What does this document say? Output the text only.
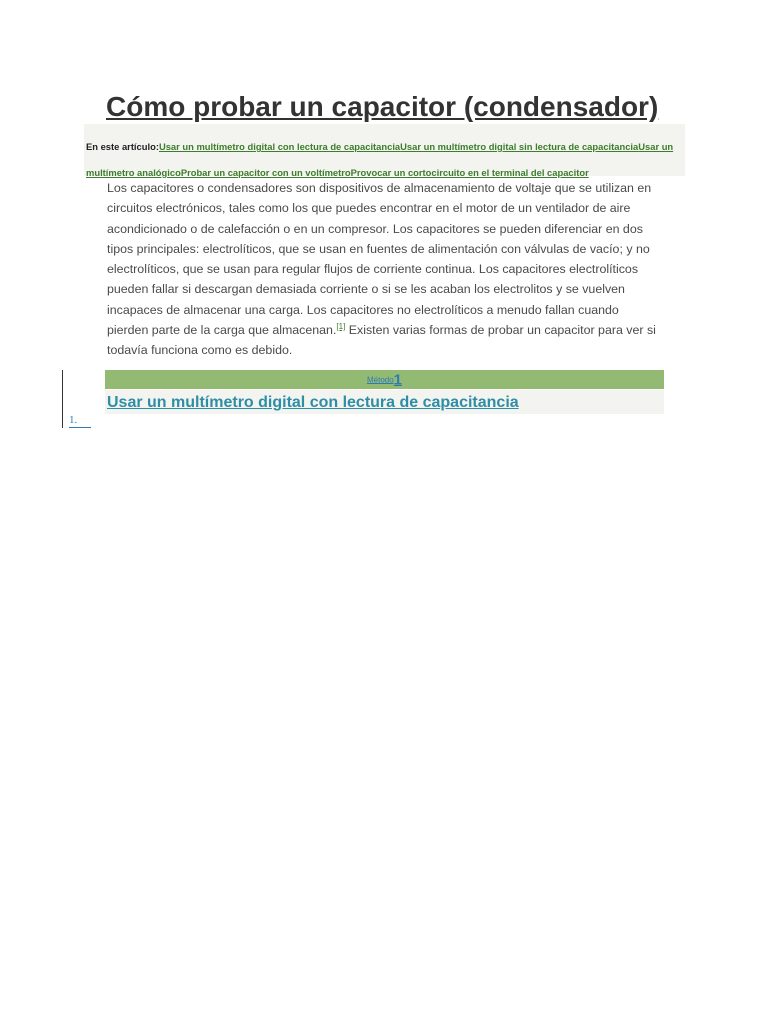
Cómo probar un capacitor (condensador)

En este artículo:Usar un multímetro digital con lectura de capacitanciaUsar un multímetro digital sin lectura de capacitanciaUsar un multímetro analógicoProbar un capacitor con un voltímetroProvocar un cortocircuito en el terminal del capacitor

Los capacitores o condensadores son dispositivos de almacenamiento de voltaje que se utilizan en circuitos electrónicos, tales como los que puedes encontrar en el motor de un ventilador de aire acondicionado o de calefacción o en un compresor. Los capacitores se pueden diferenciar en dos tipos principales: electrolíticos, que se usan en fuentes de alimentación con válvulas de vacío; y no electrolíticos, que se usan para regular flujos de corriente continua. Los capacitores electrolíticos pueden fallar si descargan demasiada corriente o si se les acaban los electrolitos y se vuelven incapaces de almacenar una carga. Los capacitores no electrolíticos a menudo fallan cuando pierden parte de la carga que almacenan.[1] Existen varias formas de probar un capacitor para ver si todavía funciona como es debido.

Método1
Usar un multímetro digital con lectura de capacitancia
1.
